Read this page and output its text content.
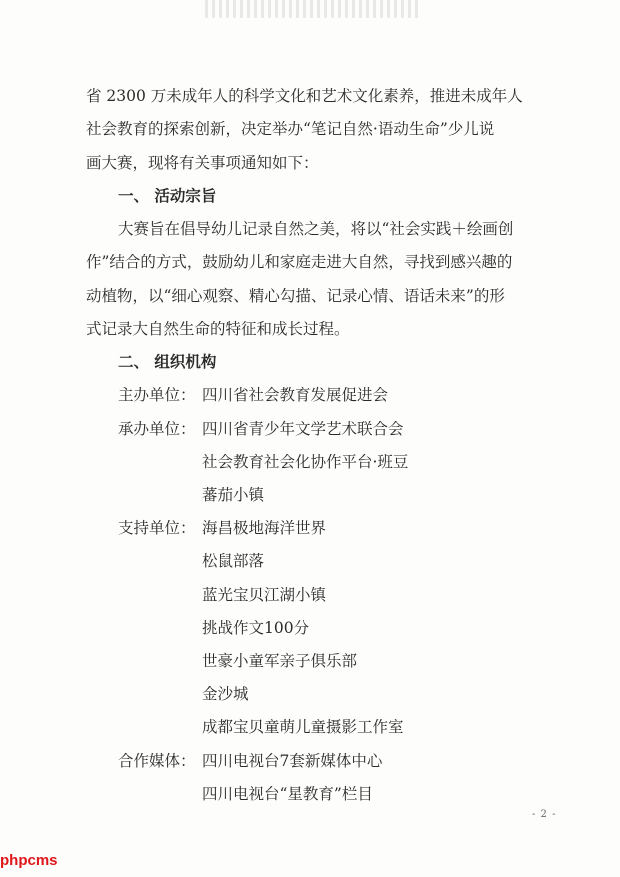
省 2300 万未成年人的科学文化和艺术文化素养，推进未成年人
社会教育的探索创新，决定举办“笔记自然·语动生命”少儿说
画大赛，现将有关事项通知如下：
一、 活动宗旨
大赛旨在倡导幼儿记录自然之美，将以“社会实践＋绘画创
作”结合的方式，鼓励幼儿和家庭走进大自然，寻找到感兴趣的
动植物，以“细心观察、精心勾描、记录心情、语话未来”的形
式记录大自然生命的特征和成长过程。
二、 组织机构
主办单位： 四川省社会教育发展促进会
承办单位： 四川省青少年文学艺术联合会
社会教育社会化协作平台·班豆
蕃茄小镇
支持单位： 海昌极地海洋世界
松鼠部落
蓝光宝贝江湖小镇
挑战作文100分
世豪小童军亲子俱乐部
金沙城
成都宝贝童萌儿童摄影工作室
合作媒体： 四川电视台7套新媒体中心
四川电视台“星教育”栏目
- 2 -
phpcms
